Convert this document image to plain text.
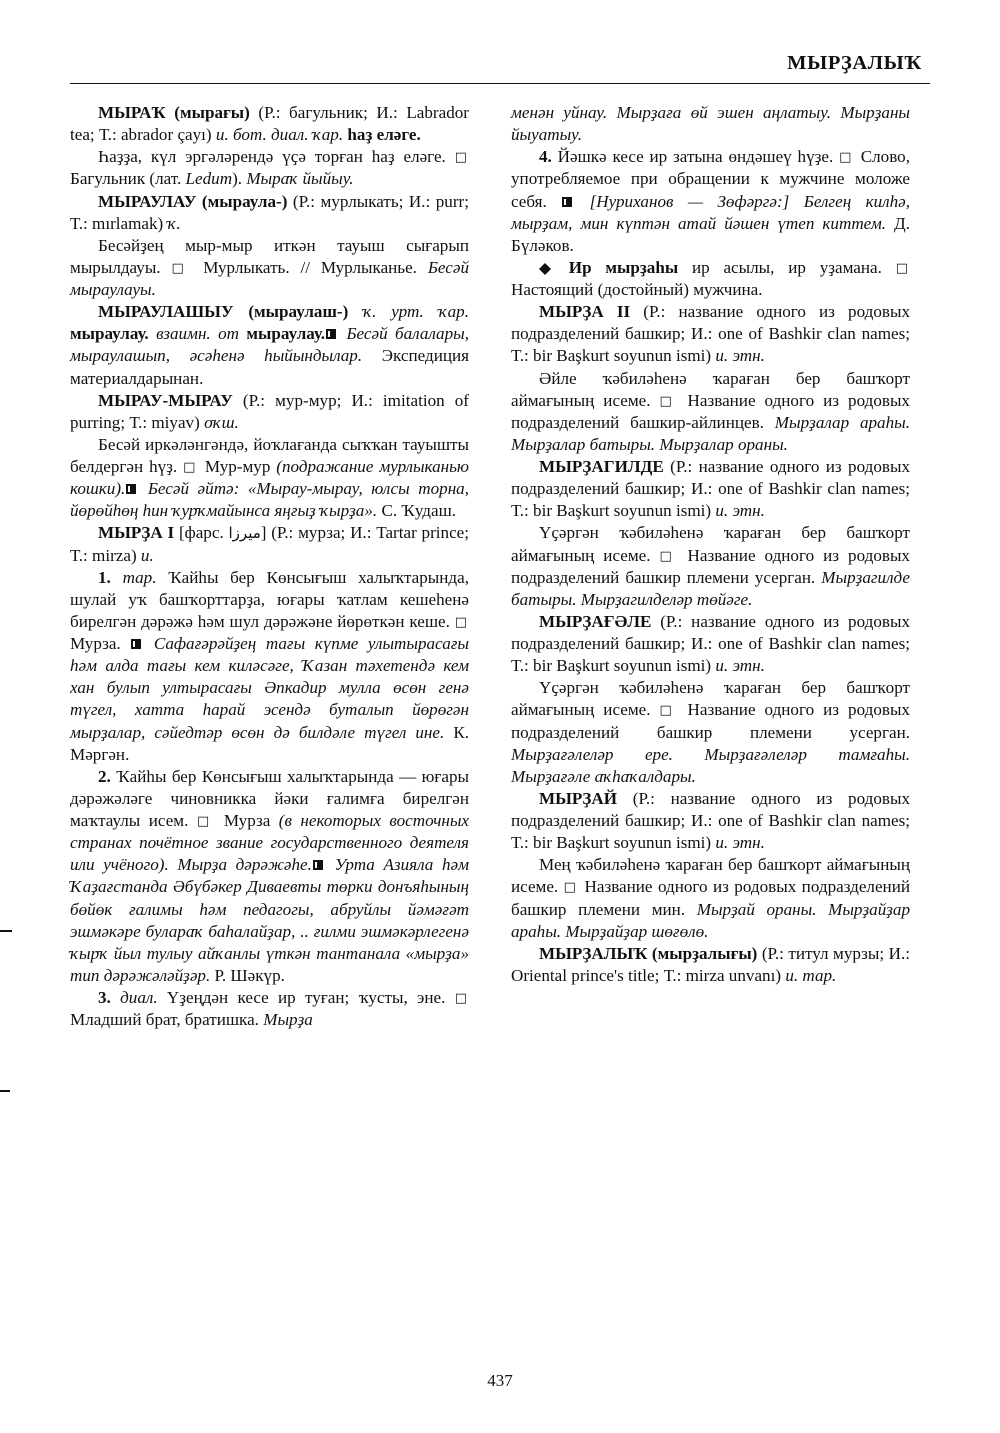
МЫРҘАЛЫҠ

МЫРАҠ (мырағы) (Р.: багульник; И.: Labrador tea; Т.: abrador çayı) и. бот. диал. ҡар. һаҙ еләге.

Һаҙҙа, күл эргәләрендә үҫә торған һаҙ еләге. □ Багульник (лат. Ledum). Мыраҡ йыйыу.

МЫРАУЛАУ (мыраула-) (Р.: мурлыкать; И.: purr; Т.: mırlamak) ҡ.

Бесәйҙең мыр-мыр иткән тауыш сығарып мырылдауы. □ Мурлыкать. // Мурлыканье. Бесәй мыраулауы.

МЫРАУЛАШЫУ (мыраулаш-) ҡ. урт. ҡар. мыраулау. взаимн. от мыраулау. Бесәй балалары, мыраулашып, әсәһенә һыйындылар. Экспедиция материалдарынан.

МЫРАУ-МЫРАУ (Р.: мур-мур; И.: imitation of purring; Т.: miyav) оҡш.

Бесәй иркәләнгәндә, йоҡлағанда сыҡҡан тауышты белдергән һүҙ. □ Мур-мур (подражание мурлыканью кошки). Бесәй әйтә: «Мырау-мырау, юлсы торна, йөрөйһөң һин ҡурҡмайынса яңғыҙ ҡырҙа». С. Ҡудаш.

МЫРҘА I [фарс. ميرزا] (Р.: мурза; И.: Tartar prince; Т.: mirza) и.

1. тар. Ҡайһы бер Көнсығыш халыҡтарында, шулай уҡ башҡорттарҙа, юғары ҡатлам кешеһенә бирелгән дәрәжә һәм шул дәрәжәне йөрөткән кеше. □ Мурза.  Сафағәрәйҙең тағы күпме улытырасағы һәм алда тағы кем киләсәге, Ҡазан тәхетендә кем хан булып ултырасағы Әпкадир мулла өсөн генә түгел, хатта һарай эсендә буталып йөрөгән мырҙалар, сәйедтәр өсөн дә билдәле түгел ине. К. Мәргән.

2. Ҡайһы бер Көнсығыш халыҡтарында — юғары дәрәжәләге чиновникка йәки ғалимға бирелгән маҡтаулы исем. □ Мурза (в некоторых восточных странах почётное звание государственного деятеля или учёного). Мырҙа дәрәжәһе. Урта Азияла һәм Ҡаҙағстанда Әбүбәкер Диваевты төрки донъяһының бөйөк ғалимы һәм педагогы, абруйлы йәмәғәт эшмәкәре булараҡ баһалайҙар, .. ғилми эшмәкәрлегенә ҡырҡ йыл тулыу айҡанлы үткән тантанала «мырҙа» тип дәрәжәләйҙәр. Р. Шәкүр.

3. диал. Үҙеңдән кесе ир туған; ҡусты, эне. □ Младший брат, братишка. Мырҙа

менән уйнау. Мырҙаға өй эшен аңлатыу. Мырҙаны йыуатыу.

4. Йәшкә кесе ир затына өндәшеү һүҙе. □ Слово, употребляемое при обращении к мужчине моложе себя.  [Нуриханов — Зөфәргә:] Белгең килһә, мырҙам, мин күптән атай йәшен үтеп киттем. Д. Бүләков.

Ир мырҙаһы ир асылы, ир уҙамана. □ Настоящий (достойный) мужчина.

МЫРҘА II (Р.: название одного из родовых подразделений башкир; И.: one of Bashkir clan names; Т.: bir Başkurt soyunun ismi) и. этн.

Әйле ҡәбиләһенә ҡараған бер башҡорт аймағының исеме. □ Название одного из родовых подразделений башкир-айлинцев. Мырҙалар араһы. Мырҙалар батыры. Мырҙалар ораны.

МЫРҘАГИЛДЕ (Р.: название одного из родовых подразделений башкир; И.: one of Bashkir clan names; Т.: bir Başkurt soyunun ismi) и. этн.

Үҫәргән ҡәбиләһенә ҡараған бер башҡорт аймағының исеме. □ Название одного из родовых подразделений башкир племени усерган. Мырҙагилде батыры. Мырҙагилделәр төйәге.

МЫРҘАҒӘЛЕ (Р.: название одного из родовых подразделений башкир; И.: one of Bashkir clan names; Т.: bir Başkurt soyunun ismi) и. этн.

Үҫәргән ҡәбиләһенә ҡараған бер башҡорт аймағының исеме. □ Название одного из родовых подразделений башкир племени усерган. Мырҙағәлеләр ере. Мырҙағәлеләр тамғаһы. Мырҙағәле аҡһаҡалдары.

МЫРҘАЙ (Р.: название одного из родовых подразделений башкир; И.: one of Bashkir clan names; Т.: bir Başkurt soyunun ismi) и. этн.

Мең ҡәбиләһенә ҡараған бер башҡорт аймағының исеме. □ Название одного из родовых подразделений башкир племени мин. Мырҙай ораны. Мырҙайҙар араһы. Мырҙайҙар шөғөлө.

МЫРҘАЛЫҠ (мырҙалығы) (Р.: титул мурзы; И.: Oriental prince's title; Т.: mirza unvanı) и. тар.

437
